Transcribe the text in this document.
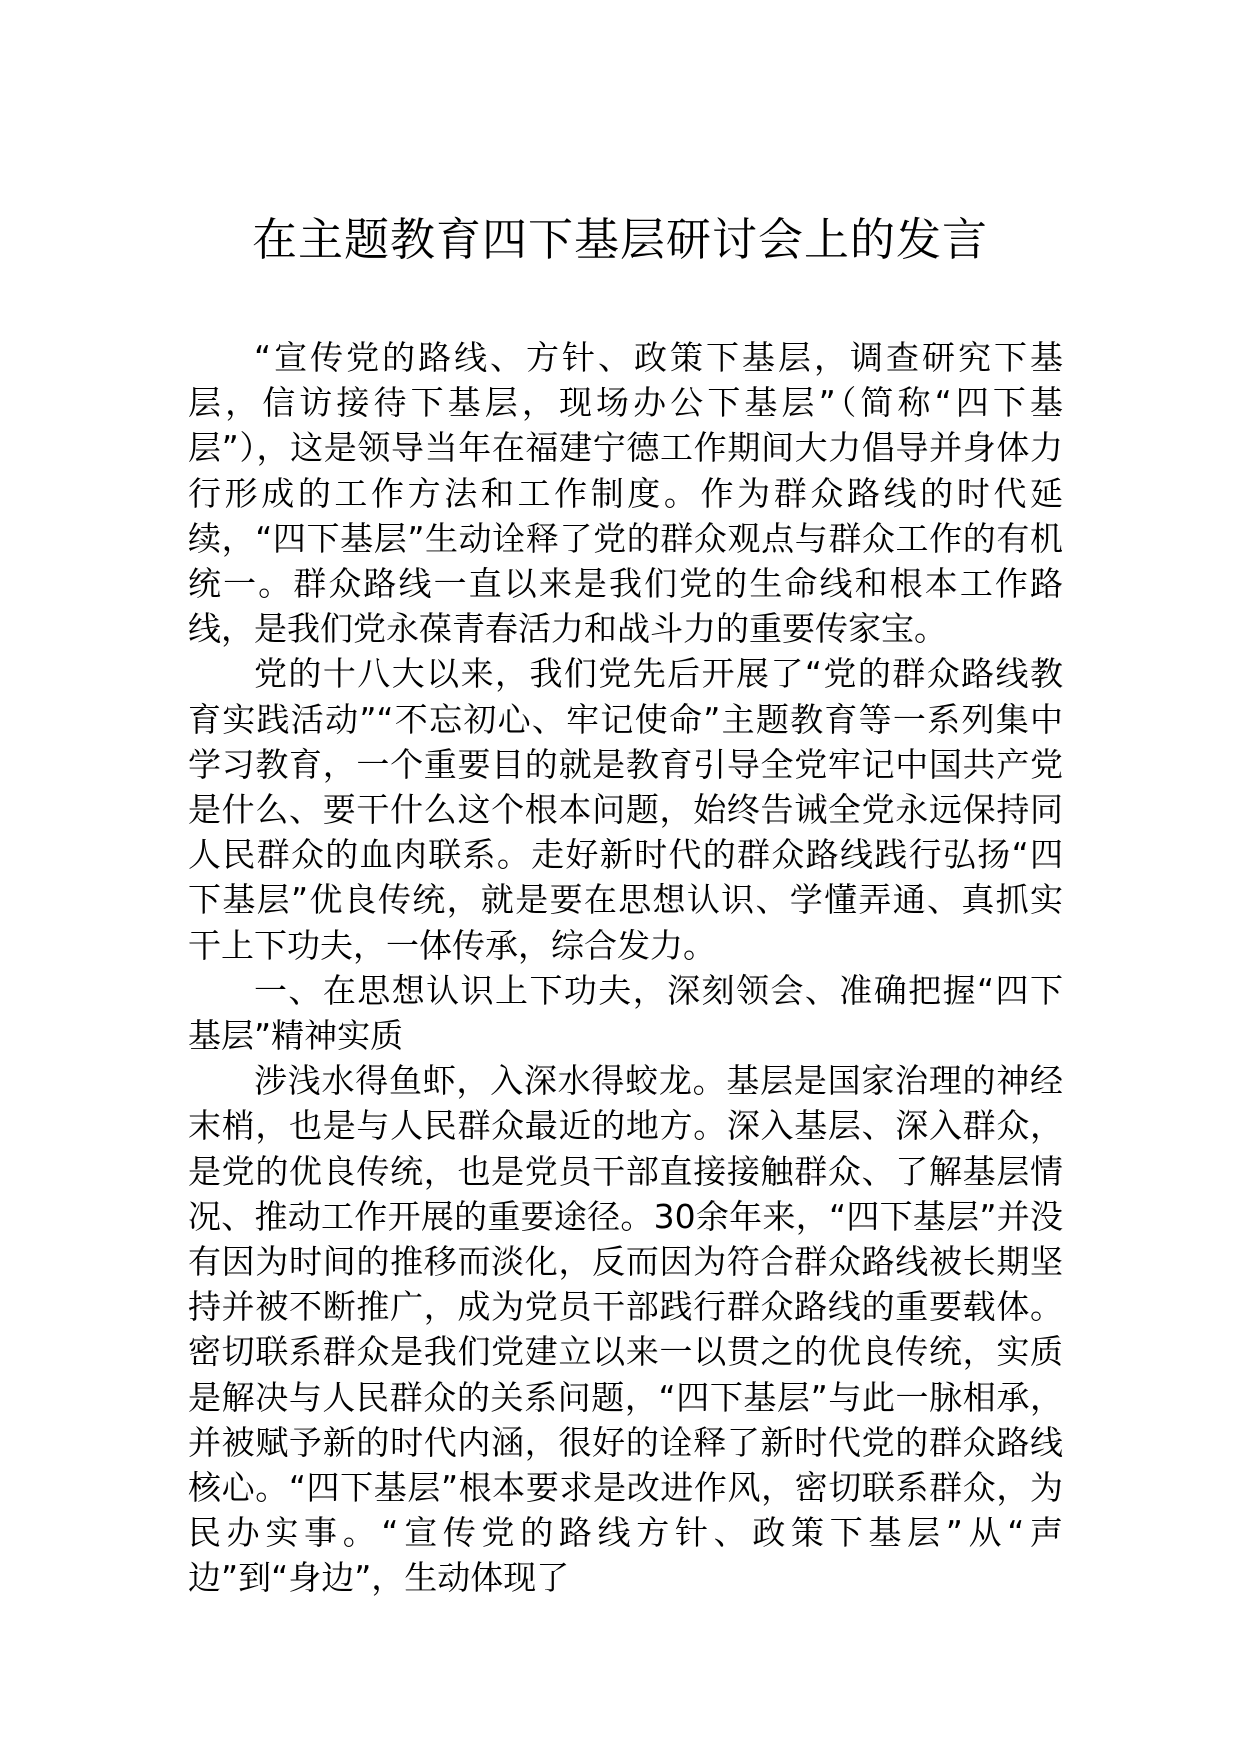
在主题教育四下基层研讨会上的发言

“宣传党的路线、方针、政策下基层，调查研究下基层，信访接待下基层，现场办公下基层”（简称“四下基层”），这是领导当年在福建宁德工作期间大力倡导并身体力行形成的工作方法和工作制度。作为群众路线的时代延续，“四下基层”生动诠释了党的群众观点与群众工作的有机统一。群众路线一直以来是我们党的生命线和根本工作路线，是我们党永葆青春活力和战斗力的重要传家宝。

党的十八大以来，我们党先后开展了“党的群众路线教育实践活动”“不忘初心、牢记使命”主题教育等一系列集中学习教育，一个重要目的就是教育引导全党牢记中国共产党是什么、要干什么这个根本问题，始终告诫全党永远保持同人民群众的血肉联系。走好新时代的群众路线践行弘扬“四下基层”优良传统，就是要在思想认识、学懂弄通、真抓实干上下功夫，一体传承，综合发力。

一、在思想认识上下功夫，深刻领会、准确把握“四下基层”精神实质

涉浅水得鱼虾，入深水得蛟龙。基层是国家治理的神经末梢，也是与人民群众最近的地方。深入基层、深入群众，是党的优良传统，也是党员干部直接接触群众、了解基层情况、推动工作开展的重要途径。30余年来，“四下基层”并没有因为时间的推移而淡化，反而因为符合群众路线被长期坚持并被不断推广，成为党员干部践行群众路线的重要载体。密切联系群众是我们党建立以来一以贯之的优良传统，实质是解决与人民群众的关系问题，“四下基层”与此一脉相承，并被赋予新的时代内涵，很好的诠释了新时代党的群众路线核心。“四下基层”根本要求是改进作风，密切联系群众，为民办实事。“宣传党的路线方针、政策下基层”从“声边”到“身边”，生动体现了
